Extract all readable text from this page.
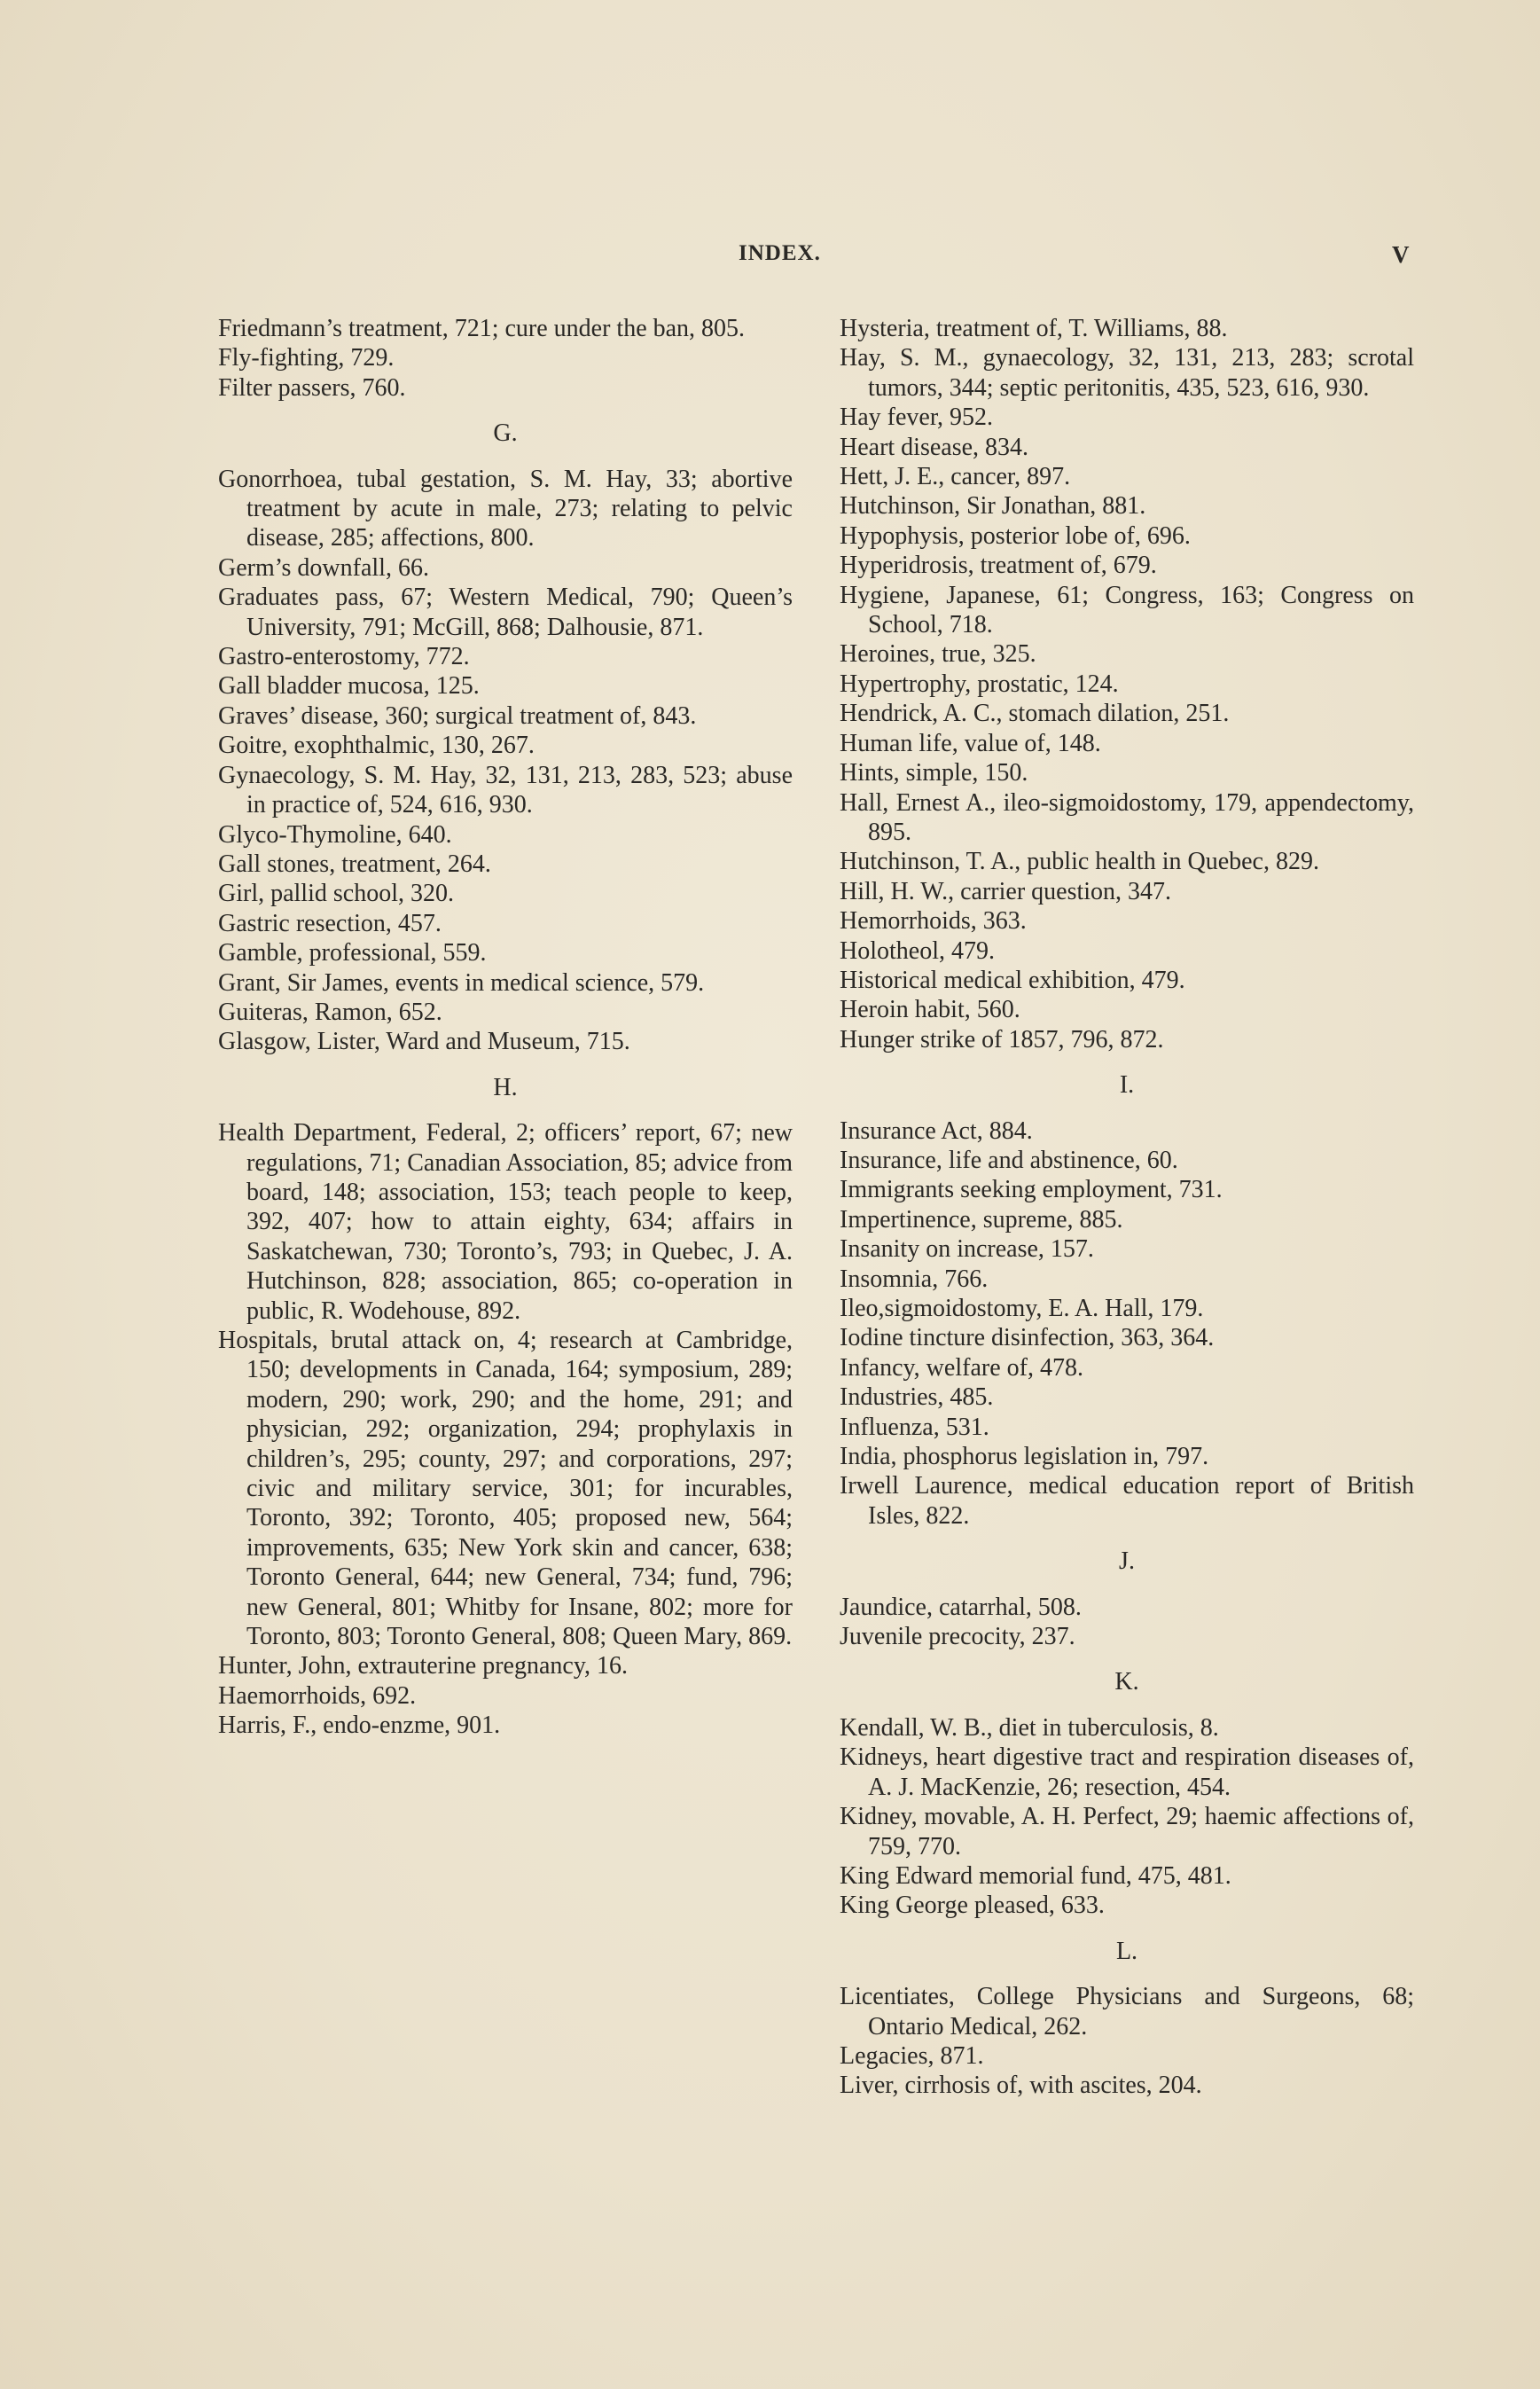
INDEX.	V

Friedmann’s treatment, 721; cure under the ban, 805.

Fly-fighting, 729.

Filter passers, 760.

G.

Gonorrhoea, tubal gestation, S. M. Hay, 33; abortive treatment by acute in male, 273; relating to pelvic disease, 285; affections, 800.

Germ’s downfall, 66.

Graduates pass, 67; Western Medical, 790; Queen’s University, 791; McGill, 868; Dalhousie, 871.

Gastro-enterostomy, 772.

Gall bladder mucosa, 125.

Graves’ disease, 360; surgical treatment of, 843.

Goitre, exophthalmic, 130, 267.

Gynaecology, S. M. Hay, 32, 131, 213, 283, 523; abuse in practice of, 524, 616, 930.

Glyco-Thymoline, 640.

Gall stones, treatment, 264.

Girl, pallid school, 320.

Gastric resection, 457.

Gamble, professional, 559.

Grant, Sir James, events in medical science, 579.

Guiteras, Ramon, 652.

Glasgow, Lister, Ward and Museum, 715.

H.

Health Department, Federal, 2; officers’ report, 67; new regulations, 71; Canadian Association, 85; advice from board, 148; association, 153; teach people to keep, 392, 407; how to attain eighty, 634; affairs in Saskatchewan, 730; Toronto’s, 793; in Quebec, J. A. Hutchinson, 828; association, 865; co-operation in public, R. Wodehouse, 892.

Hospitals, brutal attack on, 4; research at Cambridge, 150; developments in Canada, 164; symposium, 289; modern, 290; work, 290; and the home, 291; and physician, 292; organization, 294; prophylaxis in children’s, 295; county, 297; and corporations, 297; civic and military service, 301; for incurables, Toronto, 392; Toronto, 405; proposed new, 564; improvements, 635; New York skin and cancer, 638; Toronto General, 644; new General, 734; fund, 796; new General, 801; Whitby for Insane, 802; more for Toronto, 803; Toronto General, 808; Queen Mary, 869.

Hunter, John, extrauterine pregnancy, 16.

Haemorrhoids, 692.

Harris, F., endo-enzme, 901.

Hysteria, treatment of, T. Williams, 88.

Hay, S. M., gynaecology, 32, 131, 213, 283; scrotal tumors, 344; septic peritonitis, 435, 523, 616, 930.

Hay fever, 952.

Heart disease, 834.

Hett, J. E., cancer, 897.

Hutchinson, Sir Jonathan, 881.

Hypophysis, posterior lobe of, 696.

Hyperidrosis, treatment of, 679.

Hygiene, Japanese, 61; Congress, 163; Congress on School, 718.

Heroines, true, 325.

Hypertrophy, prostatic, 124.

Hendrick, A. C., stomach dilation, 251.

Human life, value of, 148.

Hints, simple, 150.

Hall, Ernest A., ileo-sigmoidostomy, 179, appendectomy, 895.

Hutchinson, T. A., public health in Quebec, 829.

Hill, H. W., carrier question, 347.

Hemorrhoids, 363.

Holotheol, 479.

Historical medical exhibition, 479.

Heroin habit, 560.

Hunger strike of 1857, 796, 872.

I.

Insurance Act, 884.

Insurance, life and abstinence, 60.

Immigrants seeking employment, 731.

Impertinence, supreme, 885.

Insanity on increase, 157.

Insomnia, 766.

Ileo,sigmoidostomy, E. A. Hall, 179.

Iodine tincture disinfection, 363, 364.

Infancy, welfare of, 478.

Industries, 485.

Influenza, 531.

India, phosphorus legislation in, 797.

Irwell Laurence, medical education report of British Isles, 822.

J.

Jaundice, catarrhal, 508.

Juvenile precocity, 237.

K.

Kendall, W. B., diet in tuberculosis, 8.

Kidneys, heart digestive tract and respiration diseases of, A. J. MacKenzie, 26; resection, 454.

Kidney, movable, A. H. Perfect, 29; haemic affections of, 759, 770.

King Edward memorial fund, 475, 481.

King George pleased, 633.

L.

Licentiates, College Physicians and Surgeons, 68; Ontario Medical, 262.

Legacies, 871.

Liver, cirrhosis of, with ascites, 204.
